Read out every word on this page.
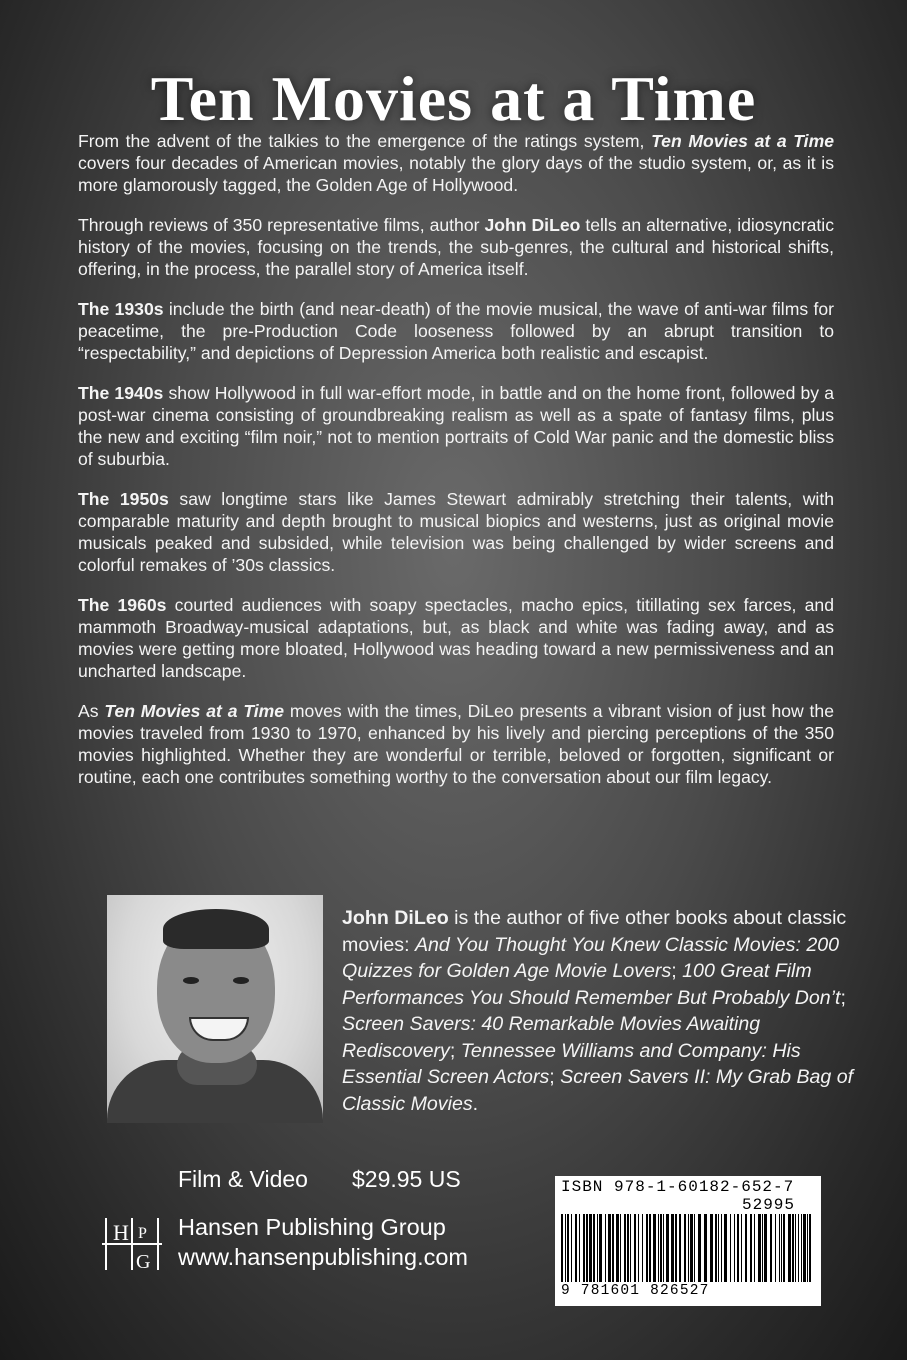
Ten Movies at a Time

From the advent of the talkies to the emergence of the ratings system, Ten Movies at a Time covers four decades of American movies, notably the glory days of the studio system, or, as it is more glamorously tagged, the Golden Age of Hollywood.

Through reviews of 350 representative films, author John DiLeo tells an alternative, idiosyncratic history of the movies, focusing on the trends, the sub-genres, the cultural and historical shifts, offering, in the process, the parallel story of America itself.

The 1930s include the birth (and near-death) of the movie musical, the wave of anti-war films for peacetime, the pre-Production Code looseness followed by an abrupt transition to “respectability,” and depictions of Depression America both realistic and escapist.

The 1940s show Hollywood in full war-effort mode, in battle and on the home front, followed by a post-war cinema consisting of groundbreaking realism as well as a spate of fantasy films, plus the new and exciting “film noir,” not to mention portraits of Cold War panic and the domestic bliss of suburbia.

The 1950s saw longtime stars like James Stewart admirably stretching their talents, with comparable maturity and depth brought to musical biopics and westerns, just as original movie musicals peaked and subsided, while television was being challenged by wider screens and colorful remakes of ’30s classics.

The 1960s courted audiences with soapy spectacles, macho epics, titillating sex farces, and mammoth Broadway-musical adaptations, but, as black and white was fading away, and as movies were getting more bloated, Hollywood was heading toward a new permissiveness and an uncharted landscape.

As Ten Movies at a Time moves with the times, DiLeo presents a vibrant vision of just how the movies traveled from 1930 to 1970, enhanced by his lively and piercing perceptions of the 350 movies highlighted. Whether they are wonderful or terrible, beloved or forgotten, significant or routine, each one contributes something worthy to the conversation about our film legacy.

John DiLeo is the author of five other books about classic movies: And You Thought You Knew Classic Movies: 200 Quizzes for Golden Age Movie Lovers; 100 Great Film Performances You Should Remember But Probably Don’t; Screen Savers: 40 Remarkable Movies Awaiting Rediscovery; Tennessee Williams and Company: His Essential Screen Actors; Screen Savers II: My Grab Bag of Classic Movies.
Film & Video $29.95 US
H P
G
Hansen Publishing Group
www.hansenpublishing.com
ISBN 978-1-60182-652-7
52995
9 781601 826527
